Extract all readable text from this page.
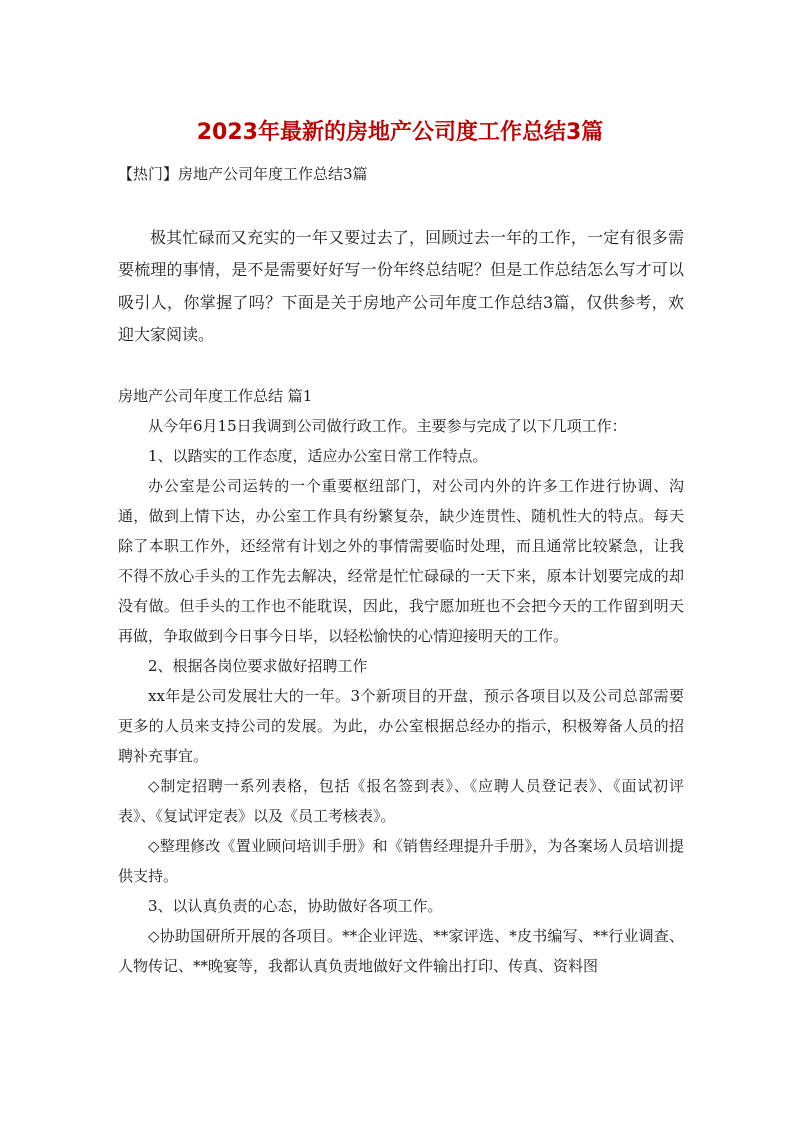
2023年最新的房地产公司度工作总结3篇
【热门】房地产公司年度工作总结3篇
极其忙碌而又充实的一年又要过去了，回顾过去一年的工作，一定有很多需要梳理的事情，是不是需要好好写一份年终总结呢？但是工作总结怎么写才可以吸引人，你掌握了吗？下面是关于房地产公司年度工作总结3篇，仅供参考，欢迎大家阅读。

房地产公司年度工作总结 篇1

从今年6月15日我调到公司做行政工作。主要参与完成了以下几项工作：

1、以踏实的工作态度，适应办公室日常工作特点。

办公室是公司运转的一个重要枢纽部门，对公司内外的许多工作进行协调、沟通，做到上情下达，办公室工作具有纷繁复杂，缺少连贯性、随机性大的特点。每天除了本职工作外，还经常有计划之外的事情需要临时处理，而且通常比较紧急，让我不得不放心手头的工作先去解决，经常是忙忙碌碌的一天下来，原本计划要完成的却没有做。但手头的工作也不能耽误，因此，我宁愿加班也不会把今天的工作留到明天再做，争取做到今日事今日毕，以轻松愉快的心情迎接明天的工作。

2、根据各岗位要求做好招聘工作

xx年是公司发展壮大的一年。3个新项目的开盘，预示各项目以及公司总部需要更多的人员来支持公司的发展。为此，办公室根据总经办的指示，积极筹备人员的招聘补充事宜。

◇制定招聘一系列表格，包括《报名签到表》、《应聘人员登记表》、《面试初评表》、《复试评定表》以及《员工考核表》。

◇整理修改《置业顾问培训手册》和《销售经理提升手册》，为各案场人员培训提供支持。

3、以认真负责的心态，协助做好各项工作。

◇协助国研所开展的各项目。**企业评选、**家评选、*皮书编写、**行业调查、人物传记、**晚宴等，我都认真负责地做好文件输出打印、传真、资料图
